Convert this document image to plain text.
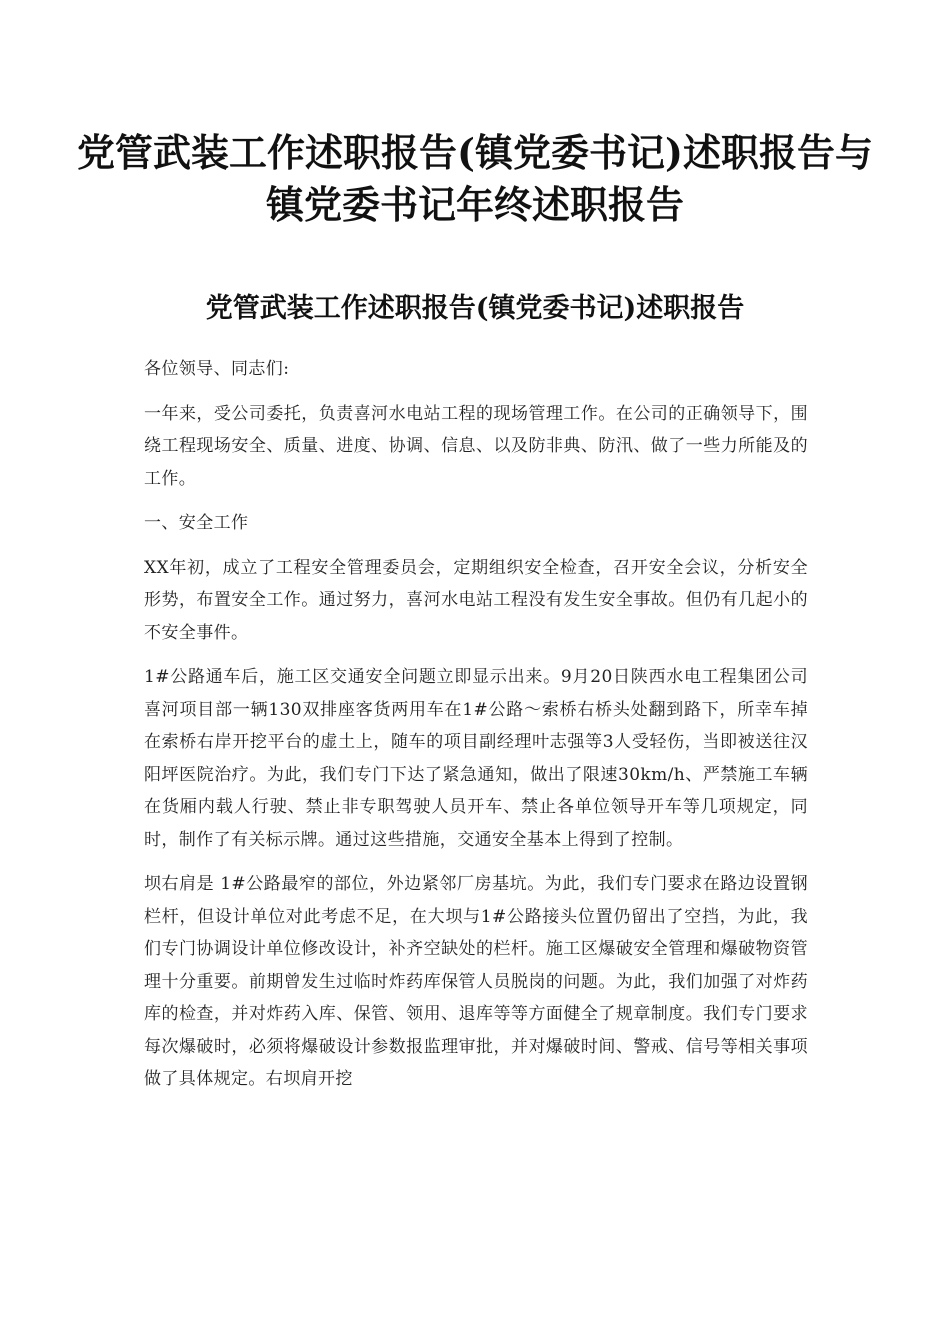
党管武装工作述职报告(镇党委书记)述职报告与镇党委书记年终述职报告
党管武装工作述职报告(镇党委书记)述职报告

各位领导、同志们:

一年来，受公司委托，负责喜河水电站工程的现场管理工作。在公司的正确领导下，围绕工程现场安全、质量、进度、协调、信息、以及防非典、防汛、做了一些力所能及的工作。

一、安全工作

XX年初，成立了工程安全管理委员会，定期组织安全检查，召开安全会议，分析安全形势，布置安全工作。通过努力，喜河水电站工程没有发生安全事故。但仍有几起小的不安全事件。

1#公路通车后，施工区交通安全问题立即显示出来。9月20日陕西水电工程集团公司喜河项目部一辆130双排座客货两用车在1#公路～索桥右桥头处翻到路下，所幸车掉在索桥右岸开挖平台的虚土上，随车的项目副经理叶志强等3人受轻伤，当即被送往汉阳坪医院治疗。为此，我们专门下达了紧急通知，做出了限速30km/h、严禁施工车辆在货厢内载人行驶、禁止非专职驾驶人员开车、禁止各单位领导开车等几项规定，同时，制作了有关标示牌。通过这些措施，交通安全基本上得到了控制。

坝右肩是 1#公路最窄的部位，外边紧邻厂房基坑。为此，我们专门要求在路边设置钢栏杆，但设计单位对此考虑不足，在大坝与1#公路接头位置仍留出了空挡，为此，我们专门协调设计单位修改设计，补齐空缺处的栏杆。施工区爆破安全管理和爆破物资管理十分重要。前期曾发生过临时炸药库保管人员脱岗的问题。为此，我们加强了对炸药库的检查，并对炸药入库、保管、领用、退库等等方面健全了规章制度。我们专门要求每次爆破时，必须将爆破设计参数报监理审批，并对爆破时间、警戒、信号等相关事项做了具体规定。右坝肩开挖
